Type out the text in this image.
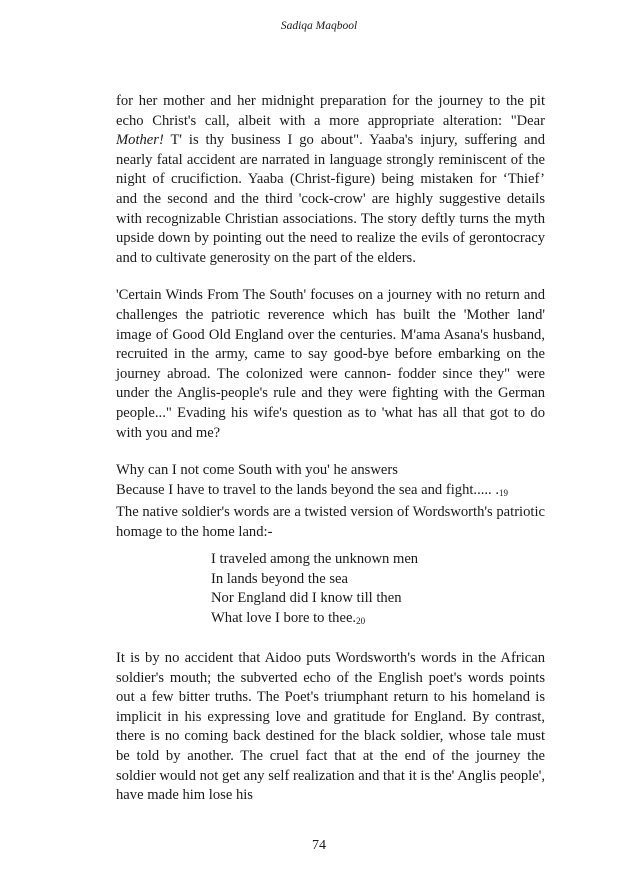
Sadiqa Maqbool

for her mother and her midnight preparation for the journey to the pit echo Christ's call, albeit with a more appropriate alteration: "Dear Mother! T' is thy business I go about". Yaaba's injury, suffering and nearly fatal accident are narrated in language strongly reminiscent of the night of crucifiction. Yaaba (Christ-figure) being mistaken for ‘Thief’ and the second and the third 'cock-crow' are highly suggestive details with recognizable Christian associations. The story deftly turns the myth upside down by pointing out the need to realize the evils of gerontocracy and to cultivate generosity on the part of the elders.

'Certain Winds From The South' focuses on a journey with no return and challenges the patriotic reverence which has built the 'Mother land' image of Good Old England over the centuries. M'ama Asana's husband, recruited in the army, came to say good-bye before embarking on the journey abroad. The colonized were cannon- fodder since they" were under the Anglis-people's rule and they were fighting with the German people..." Evading his wife's question as to 'what has all that got to do with you and me?

Why can I not come South with you' he answers

Because I have to travel to the lands beyond the sea and fight..... .19

The native soldier's words are a twisted version of Wordsworth's patriotic homage to the home land:-

I traveled among the unknown men
In lands beyond the sea
Nor England did I know till then
What love I bore to thee.20

It is by no accident that Aidoo puts Wordsworth's words in the African soldier's mouth; the subverted echo of the English poet's words points out a few bitter truths. The Poet's triumphant return to his homeland is implicit in his expressing love and gratitude for England. By contrast, there is no coming back destined for the black soldier, whose tale must be told by another. The cruel fact that at the end of the journey the soldier would not get any self realization and that it is the' Anglis people', have made him lose his

74
